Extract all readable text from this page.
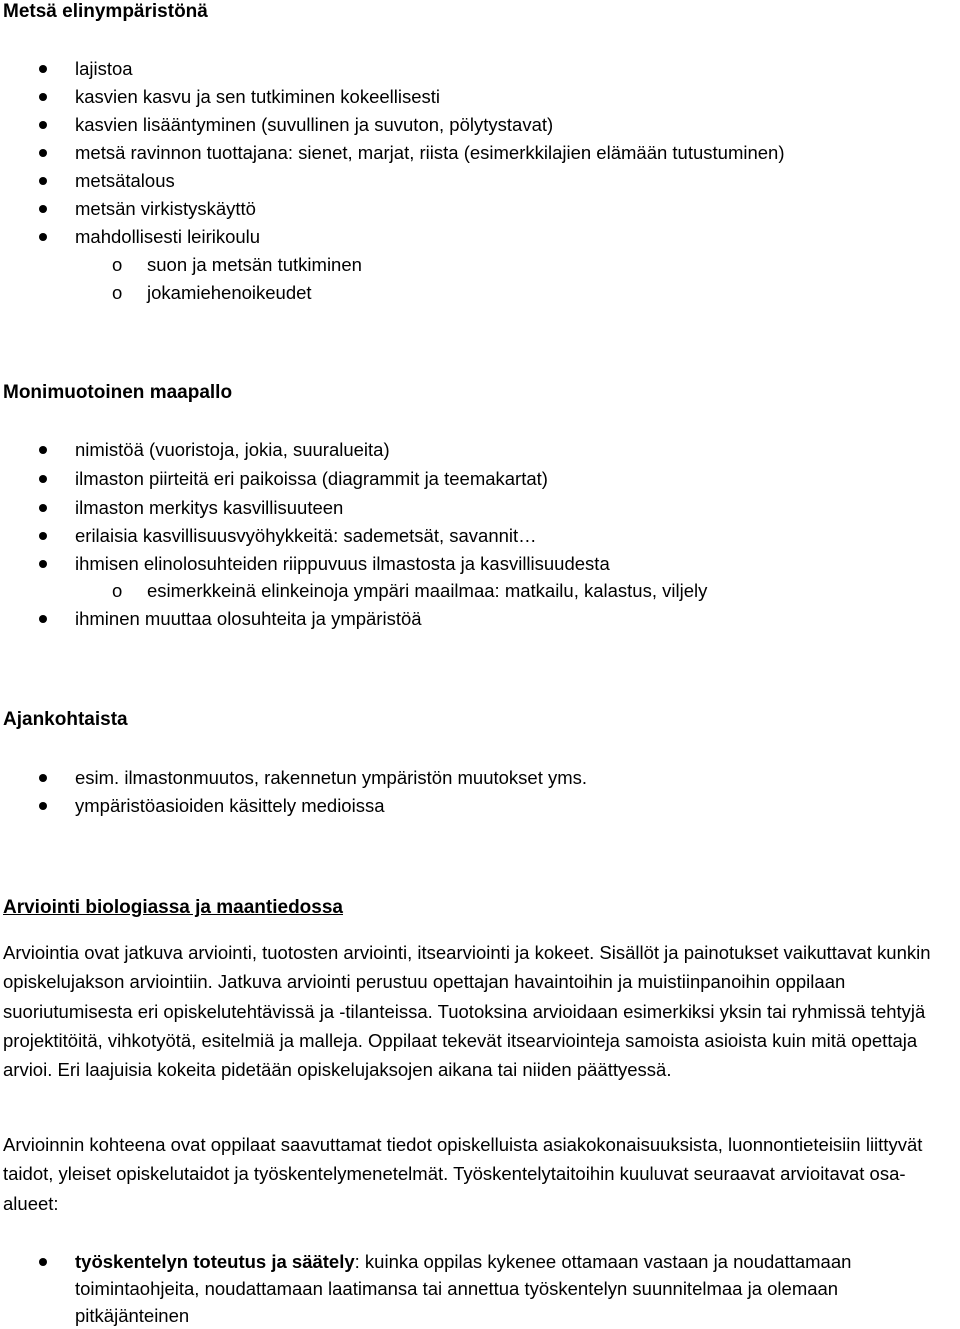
Metsä elinympäristönä
lajistoa
kasvien kasvu ja sen tutkiminen kokeellisesti
kasvien lisääntyminen (suvullinen ja suvuton, pölytystavat)
metsä ravinnon tuottajana: sienet, marjat, riista (esimerkkilajien elämään tutustuminen)
metsätalous
metsän virkistyskäyttö
mahdollisesti leirikoulu
o suon ja metsän tutkiminen
o jokamiehenoikeudet
Monimuotoinen maapallo
nimistöä (vuoristoja, jokia, suuralueita)
ilmaston piirteitä eri paikoissa (diagrammit ja teemakartat)
ilmaston merkitys kasvillisuuteen
erilaisia kasvillisuusvyöhykkeitä: sademetsät, savannit…
ihmisen elinolosuhteiden riippuvuus ilmastosta ja kasvillisuudesta
o esimerkkeinä elinkeinoja ympäri maailmaa: matkailu, kalastus, viljely
ihminen muuttaa olosuhteita ja ympäristöä
Ajankohtaista
esim. ilmastonmuutos, rakennetun ympäristön muutokset yms.
ympäristöasioiden käsittely medioissa
Arviointi biologiassa ja maantiedossa
Arviointia ovat jatkuva arviointi, tuotosten arviointi, itsearviointi ja kokeet. Sisällöt ja painotukset vaikuttavat kunkin opiskelujakson arviointiin. Jatkuva arviointi perustuu opettajan havaintoihin ja muistiinpanoihin oppilaan suoriutumisesta eri opiskelutehtävissä ja -tilanteissa. Tuotoksina arvioidaan esimerkiksi yksin tai ryhmissä tehtyjä projektitöitä, vihkotyötä, esitelmiä ja malleja. Oppilaat tekevät itsearviointeja samoista asioista kuin mitä opettaja arvioi. Eri laajuisia kokeita pidetään opiskelujaksojen aikana tai niiden päättyessä.
Arvioinnin kohteena ovat oppilaat saavuttamat tiedot opiskelluista asiakokonaisuuksista, luonnontieteisiin liittyvät taidot, yleiset opiskelutaidot ja työskentelymenetelmät. Työskentelytaitoihin kuuluvat seuraavat arvioitavat osa-alueet:
työskentelyn toteutus ja säätely: kuinka oppilas kykenee ottamaan vastaan ja noudattamaan toimintaohjeita, noudattamaan laatimansa tai annettua työskentelyn suunnitelmaa ja olemaan pitkäjänteinen
